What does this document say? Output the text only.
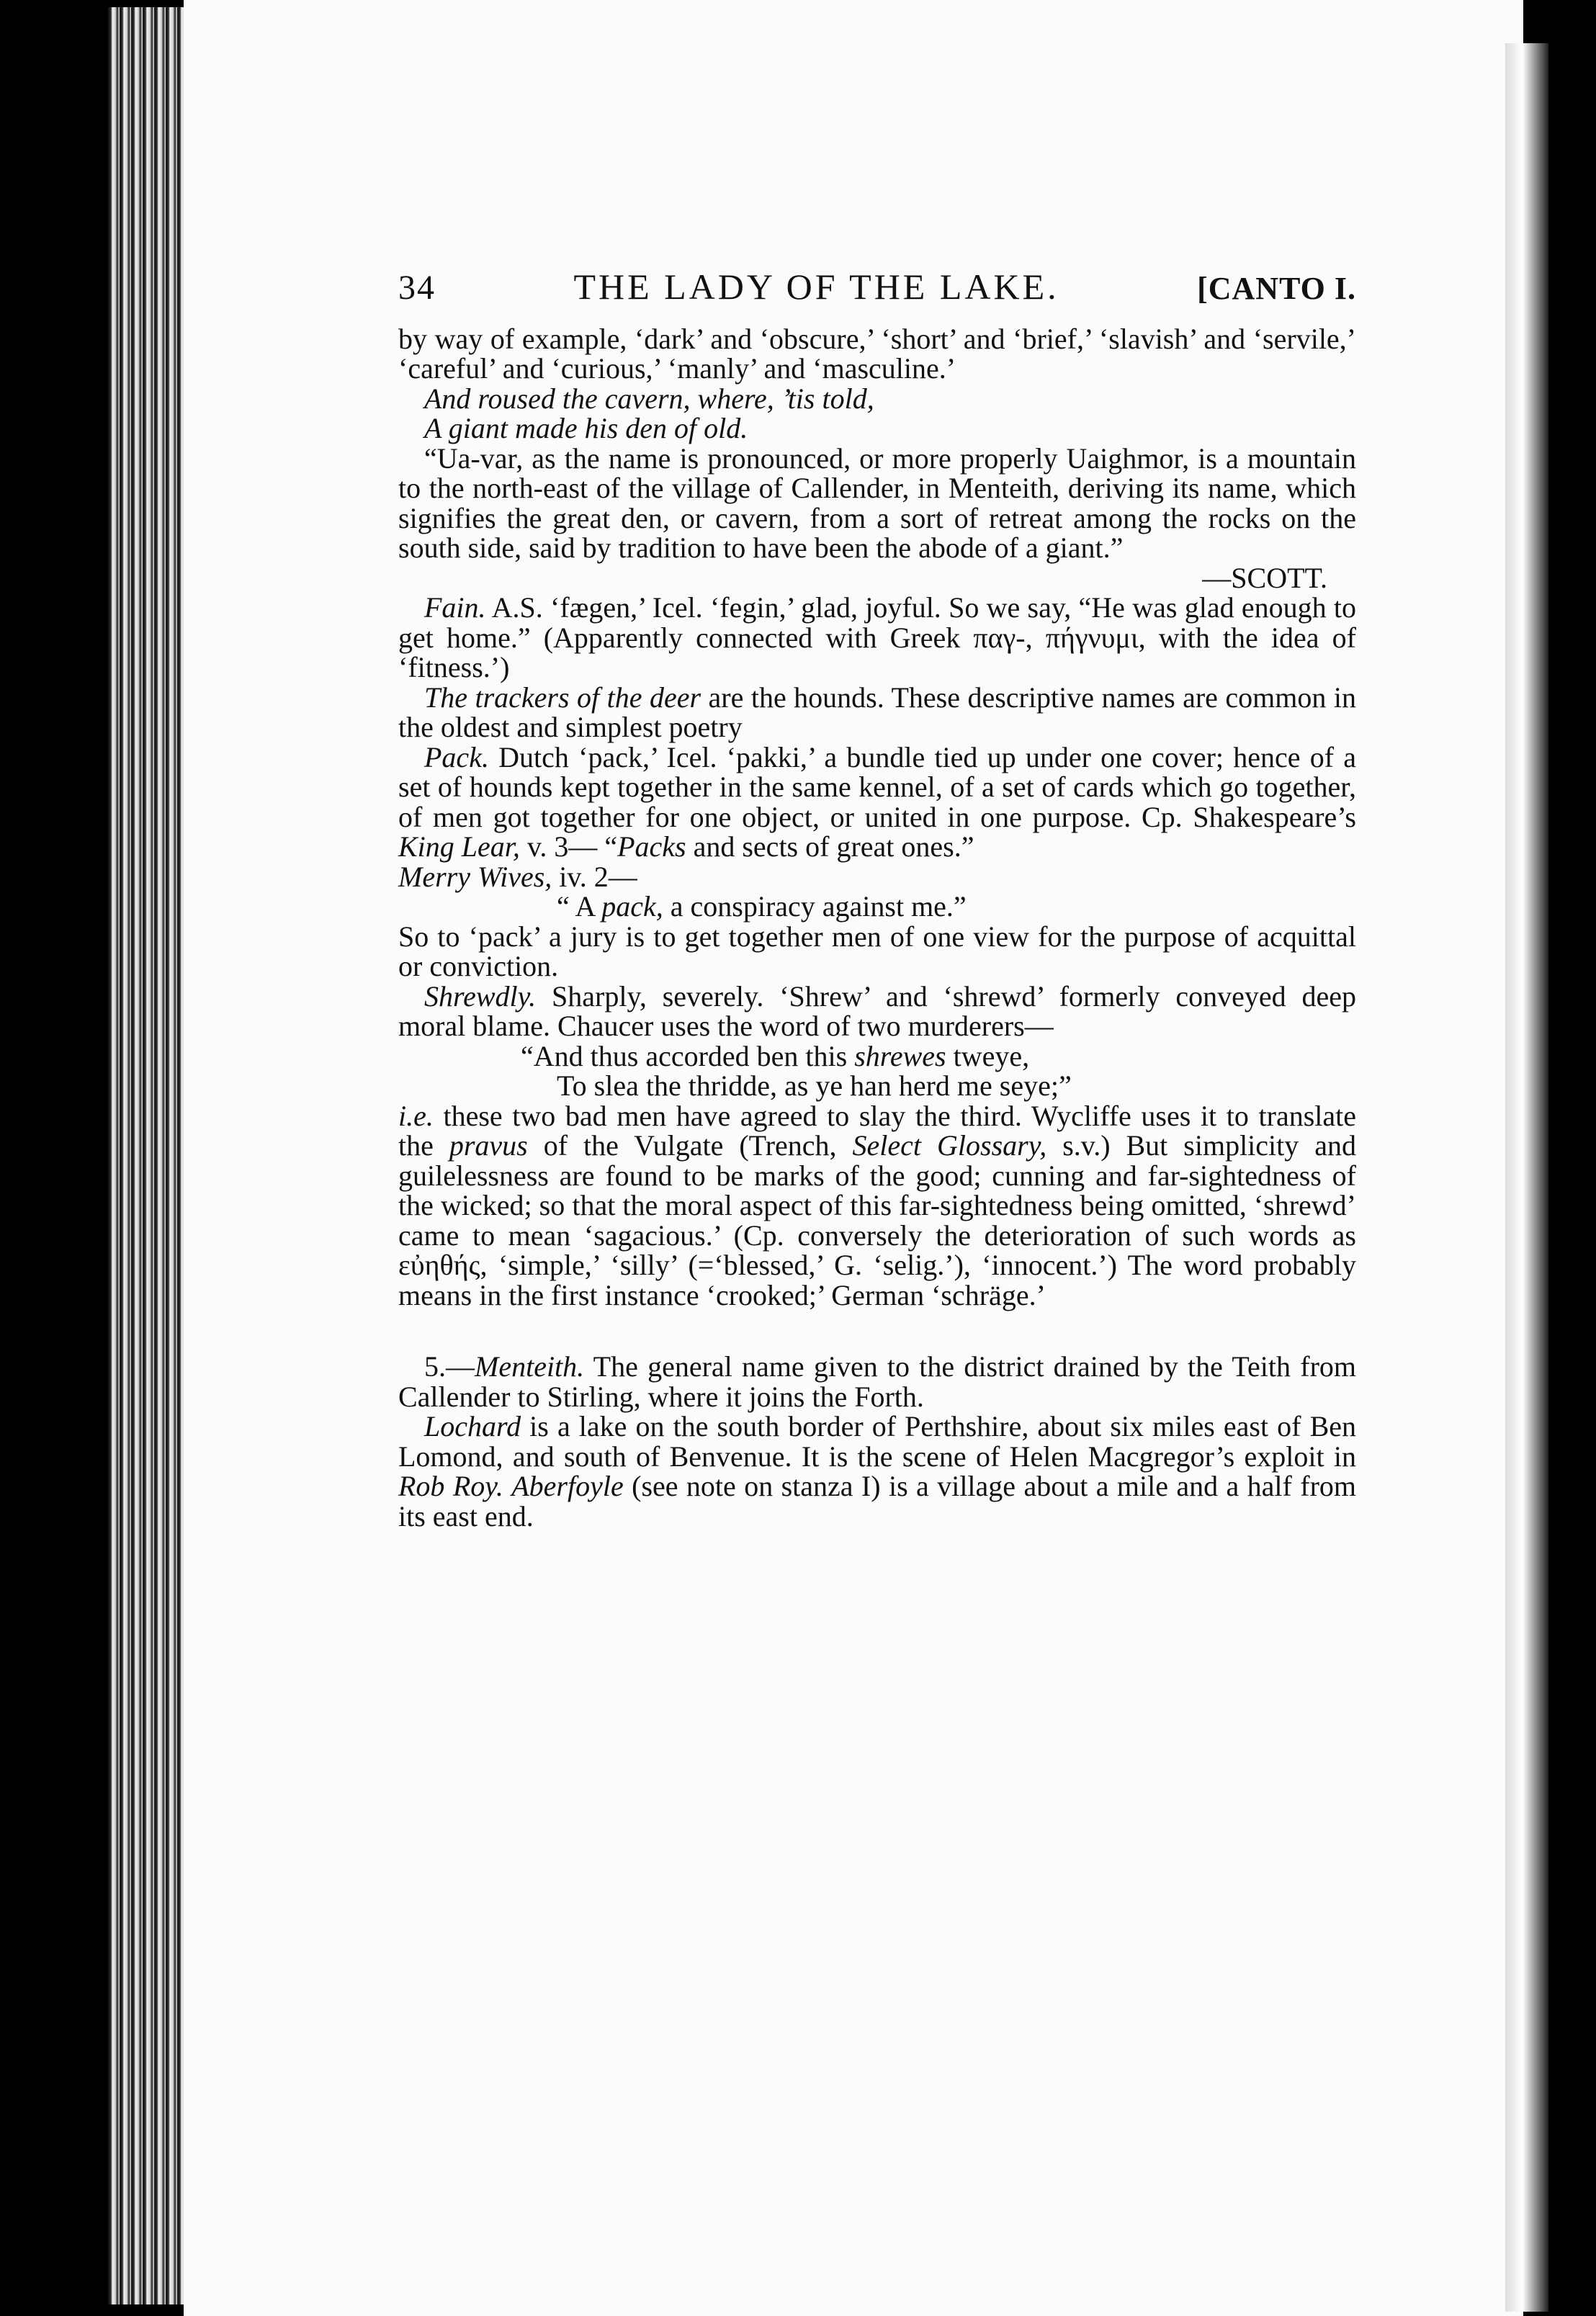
34	THE LADY OF THE LAKE.	[CANTO I.

by way of example, ‘dark’ and ‘obscure,’ ‘short’ and ‘brief,’ ‘slavish’ and ‘servile,’ ‘careful’ and ‘curious,’ ‘manly’ and ‘masculine.’

And roused the cavern, where, ’tis told,

A giant made his den of old.

“Ua-var, as the name is pronounced, or more properly Uaighmor, is a mountain to the north-east of the village of Callender, in Menteith, deriving its name, which signifies the great den, or cavern, from a sort of retreat among the rocks on the south side, said by tradition to have been the abode of a giant.”

—SCOTT.

Fain. A.S. ‘fægen,’ Icel. ‘fegin,’ glad, joyful. So we say, “He was glad enough to get home.” (Apparently connected with Greek παγ-, πήγνυμι, with the idea of ‘fitness.’)

The trackers of the deer are the hounds. These descriptive names are common in the oldest and simplest poetry

Pack. Dutch ‘pack,’ Icel. ‘pakki,’ a bundle tied up under one cover; hence of a set of hounds kept together in the same kennel, of a set of cards which go together, of men got together for one object, or united in one purpose. Cp. Shakespeare’s King Lear, v. 3— “Packs and sects of great ones.”

Merry Wives, iv. 2—

“ A pack, a conspiracy against me.”

So to ‘pack’ a jury is to get together men of one view for the purpose of acquittal or conviction.

Shrewdly. Sharply, severely. ‘Shrew’ and ‘shrewd’ formerly conveyed deep moral blame. Chaucer uses the word of two murderers—

“And thus accorded ben this shrewes tweye,

To slea the thridde, as ye han herd me seye;”

i.e. these two bad men have agreed to slay the third. Wycliffe uses it to translate the pravus of the Vulgate (Trench, Select Glossary, s.v.) But simplicity and guilelessness are found to be marks of the good; cunning and far-sightedness of the wicked; so that the moral aspect of this far-sightedness being omitted, ‘shrewd’ came to mean ‘sagacious.’ (Cp. conversely the deterioration of such words as εὐηθής, ‘simple,’ ‘silly’ (=‘blessed,’ G. ‘selig.’), ‘innocent.’) The word probably means in the first instance ‘crooked;’ German ‘schräge.’

5.—Menteith. The general name given to the district drained by the Teith from Callender to Stirling, where it joins the Forth.

Lochard is a lake on the south border of Perthshire, about six miles east of Ben Lomond, and south of Benvenue. It is the scene of Helen Macgregor’s exploit in Rob Roy. Aberfoyle (see note on stanza I) is a village about a mile and a half from its east end.
